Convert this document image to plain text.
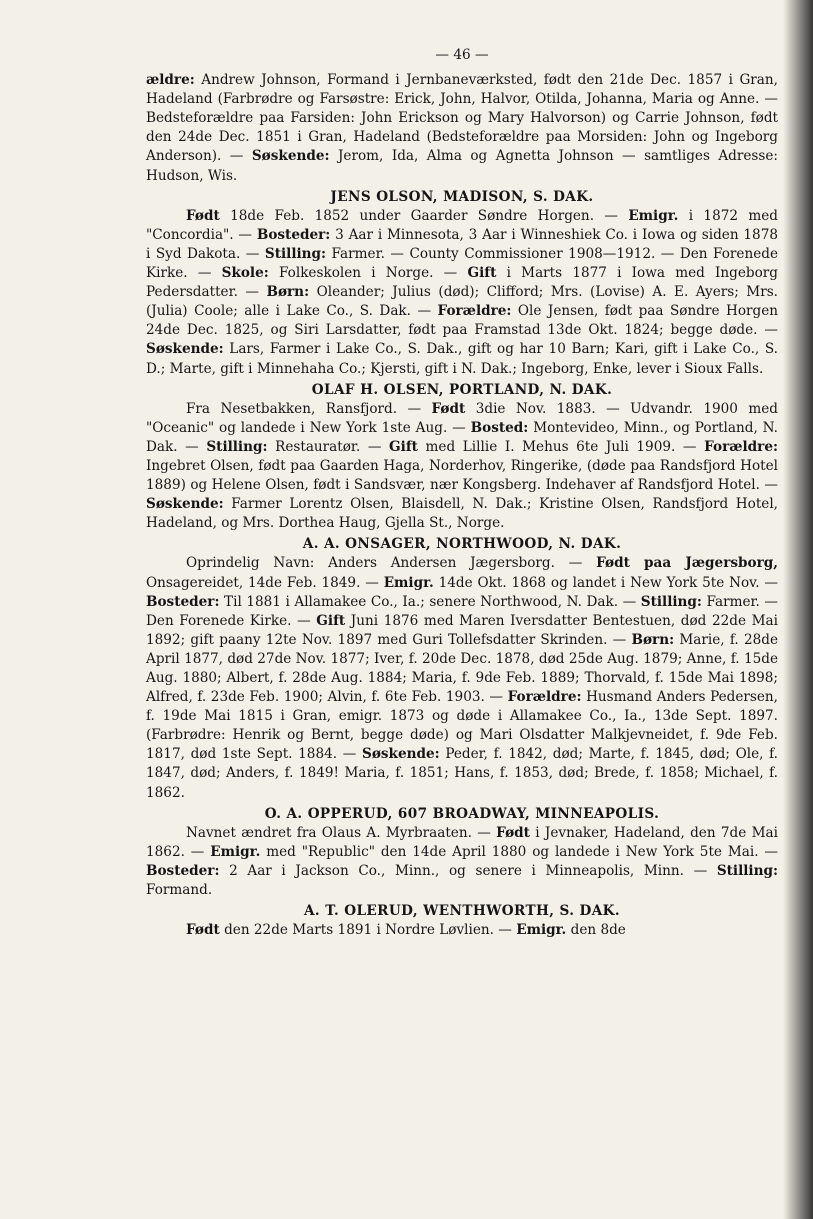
— 46 —

ældre: Andrew Johnson, Formand i Jernbaneværksted, født den 21de Dec. 1857 i Gran, Hadeland (Farbrødre og Farsøstre: Erick, John, Halvor, Otilda, Johanna, Maria og Anne. — Bedsteforældre paa Farsiden: John Erickson og Mary Halvorson) og Carrie Johnson, født den 24de Dec. 1851 i Gran, Hadeland (Bedsteforældre paa Morsiden: John og Ingeborg Anderson). — Søskende: Jerom, Ida, Alma og Agnetta Johnson — samtliges Adresse: Hudson, Wis.

JENS OLSON, MADISON, S. DAK.

Født 18de Feb. 1852 under Gaarder Søndre Horgen. — Emigr. i 1872 med "Concordia". — Bosteder: 3 Aar i Minnesota, 3 Aar i Winneshiek Co. i Iowa og siden 1878 i Syd Dakota. — Stilling: Farmer. — County Commissioner 1908—1912. — Den Forenede Kirke. — Skole: Folkeskolen i Norge. — Gift i Marts 1877 i Iowa med Ingeborg Pedersdatter. — Børn: Oleander; Julius (død); Clifford; Mrs. (Lovise) A. E. Ayers; Mrs. (Julia) Coole; alle i Lake Co., S. Dak. — Forældre: Ole Jensen, født paa Søndre Horgen 24de Dec. 1825, og Siri Larsdatter, født paa Framstad 13de Okt. 1824; begge døde. — Søskende: Lars, Farmer i Lake Co., S. Dak., gift og har 10 Barn; Kari, gift i Lake Co., S. D.; Marte, gift i Minnehaha Co.; Kjersti, gift i N. Dak.; Ingeborg, Enke, lever i Sioux Falls.

OLAF H. OLSEN, PORTLAND, N. DAK.

Fra Nesetbakken, Ransfjord. — Født 3die Nov. 1883. — Udvandr. 1900 med "Oceanic" og landede i New York 1ste Aug. — Bosted: Montevideo, Minn., og Portland, N. Dak. — Stilling: Restauratør. — Gift med Lillie I. Mehus 6te Juli 1909. — Forældre: Ingebret Olsen, født paa Gaarden Haga, Norderhov, Ringerike, (døde paa Randsfjord Hotel 1889) og Helene Olsen, født i Sandsvær, nær Kongsberg. Indehaver af Randsfjord Hotel. — Søskende: Farmer Lorentz Olsen, Blaisdell, N. Dak.; Kristine Olsen, Randsfjord Hotel, Hadeland, og Mrs. Dorthea Haug, Gjella St., Norge.

A. A. ONSAGER, NORTHWOOD, N. DAK.

Oprindelig Navn: Anders Andersen Jægersborg. — Født paa Jægersborg, Onsagereidet, 14de Feb. 1849. — Emigr. 14de Okt. 1868 og landet i New York 5te Nov. — Bosteder: Til 1881 i Allamakee Co., Ia.; senere Northwood, N. Dak. — Stilling: Farmer. — Den Forenede Kirke. — Gift Juni 1876 med Maren Iversdatter Bentestuen, død 22de Mai 1892; gift paany 12te Nov. 1897 med Guri Tollefsdatter Skrinden. — Børn: Marie, f. 28de April 1877, død 27de Nov. 1877; Iver, f. 20de Dec. 1878, død 25de Aug. 1879; Anne, f. 15de Aug. 1880; Albert, f. 28de Aug. 1884; Maria, f. 9de Feb. 1889; Thorvald, f. 15de Mai 1898; Alfred, f. 23de Feb. 1900; Alvin, f. 6te Feb. 1903. — Forældre: Husmand Anders Pedersen, f. 19de Mai 1815 i Gran, emigr. 1873 og døde i Allamakee Co., Ia., 13de Sept. 1897. (Farbrødre: Henrik og Bernt, begge døde) og Mari Olsdatter Malkjevneidet, f. 9de Feb. 1817, død 1ste Sept. 1884. — Søskende: Peder, f. 1842, død; Marte, f. 1845, død; Ole, f. 1847, død; Anders, f. 1849! Maria, f. 1851; Hans, f. 1853, død; Brede, f. 1858; Michael, f. 1862.

O. A. OPPERUD, 607 BROADWAY, MINNEAPOLIS.

Navnet ændret fra Olaus A. Myrbraaten. — Født i Jevnaker, Hadeland, den 7de Mai 1862. — Emigr. med "Republic" den 14de April 1880 og landede i New York 5te Mai. — Bosteder: 2 Aar i Jackson Co., Minn., og senere i Minneapolis, Minn. — Stilling: Formand.

A. T. OLERUD, WENTHWORTH, S. DAK.

Født den 22de Marts 1891 i Nordre Løvlien. — Emigr. den 8de
